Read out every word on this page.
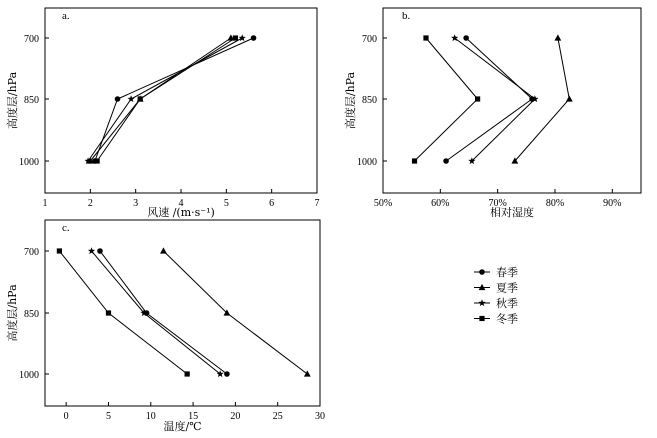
a.
1	2	3	4	5	6	7
700
850
1000
风速 /(m·s⁻¹)
高度层/hPa
b.
50%	60%	70%	80%	90%
700
850
1000
相对湿度
高度层/hPa
c.
0	5	10	15	20	25	30
700
850
1000
温度/℃
高度层/hPa
春季
夏季
秋季
冬季
